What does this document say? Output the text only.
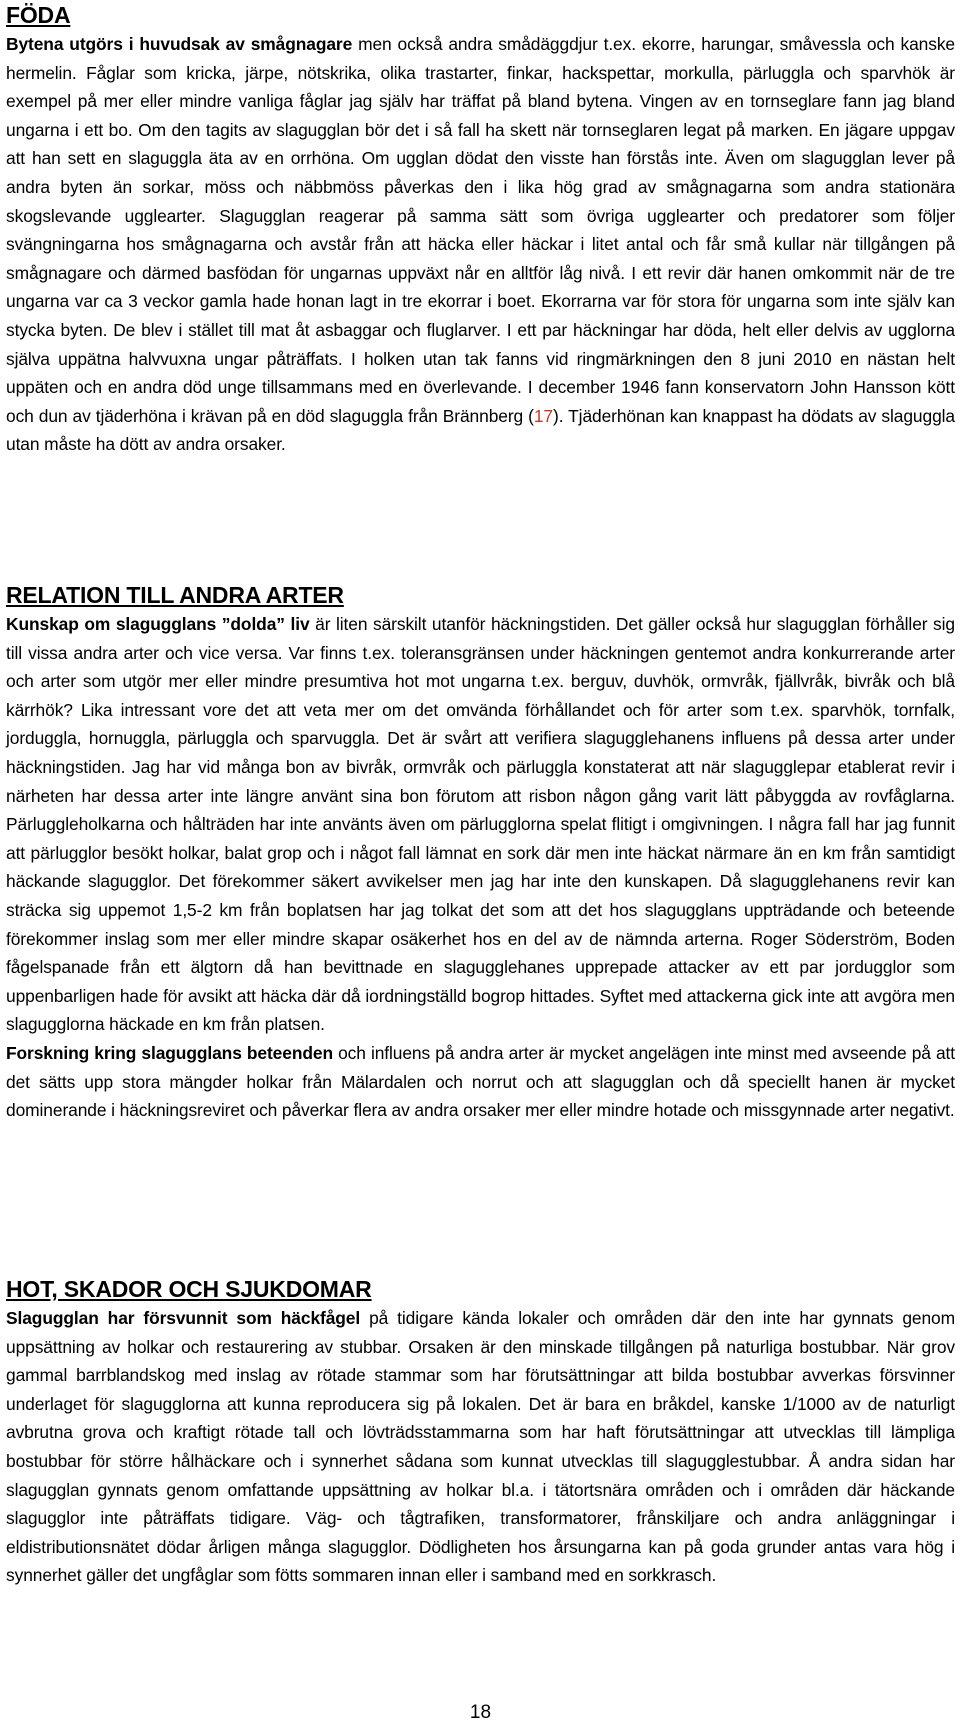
FÖDA

Bytena utgörs i huvudsak av smågnagare men också andra smådäggdjur t.ex. ekorre, harungar, småvessla och kanske hermelin. Fåglar som kricka, järpe, nötskrika, olika trastarter, finkar, hackspettar, morkulla, pärluggla och sparvhök är exempel på mer eller mindre vanliga fåglar jag själv har träffat på bland bytena. Vingen av en tornseglare fann jag bland ungarna i ett bo. Om den tagits av slagugglan bör det i så fall ha skett när tornseglaren legat på marken. En jägare uppgav att han sett en slaguggla äta av en orrhöna. Om ugglan dödat den visste han förstås inte. Även om slagugglan lever på andra byten än sorkar, möss och näbbmöss påverkas den i lika hög grad av smågnagarna som andra stationära skogslevande ugglearter. Slagugglan reagerar på samma sätt som övriga ugglearter och predatorer som följer svängningarna hos smågnagarna och avstår från att häcka eller häckar i litet antal och får små kullar när tillgången på smågnagare och därmed basfödan för ungarnas uppväxt når en alltför låg nivå. I ett revir där hanen omkommit när de tre ungarna var ca 3 veckor gamla hade honan lagt in tre ekorrar i boet. Ekorrarna var för stora för ungarna som inte själv kan stycka byten. De blev i stället till mat åt asbaggar och fluglarver. I ett par häckningar har döda, helt eller delvis av ugglorna själva uppätna halvvuxna ungar påträffats. I holken utan tak fanns vid ringmärkningen den 8 juni 2010 en nästan helt uppäten och en andra död unge tillsammans med en överlevande. I december 1946 fann konservatorn John Hansson kött och dun av tjäderhöna i krävan på en död slaguggla från Brännberg (17). Tjäderhönan kan knappast ha dödats av slaguggla utan måste ha dött av andra orsaker.

RELATION TILL ANDRA ARTER

Kunskap om slagugglans ”dolda” liv är liten särskilt utanför häckningstiden. Det gäller också hur slagugglan förhåller sig till vissa andra arter och vice versa. Var finns t.ex. toleransgränsen under häckningen gentemot andra konkurrerande arter och arter som utgör mer eller mindre presumtiva hot mot ungarna t.ex. berguv, duvhök, ormvråk, fjällvråk, bivråk och blå kärrhök? Lika intressant vore det att veta mer om det omvända förhållandet och för arter som t.ex. sparvhök, tornfalk, jorduggla, hornuggla, pärluggla och sparvuggla. Det är svårt att verifiera slagugglehanens influens på dessa arter under häckningstiden. Jag har vid många bon av bivråk, ormvråk och pärluggla konstaterat att när slagugglepar etablerat revir i närheten har dessa arter inte längre använt sina bon förutom att risbon någon gång varit lätt påbyggda av rovfåglarna. Pärluggleholkarna och hålträden har inte använts även om pärlugglorna spelat flitigt i omgivningen. I några fall har jag funnit att pärlugglor besökt holkar, balat grop och i något fall lämnat en sork där men inte häckat närmare än en km från samtidigt häckande slagugglor. Det förekommer säkert avvikelser men jag har inte den kunskapen. Då slagugglehanens revir kan sträcka sig uppemot 1,5-2 km från boplatsen har jag tolkat det som att det hos slagugglans uppträdande och beteende förekommer inslag som mer eller mindre skapar osäkerhet hos en del av de nämnda arterna. Roger Söderström, Boden fågelspanade från ett älgtorn då han bevittnade en slagugglehanes upprepade attacker av ett par jordugglor som uppenbarligen hade för avsikt att häcka där då iordningställd bogrop hittades. Syftet med attackerna gick inte att avgöra men slagugglorna häckade en km från platsen.

Forskning kring slagugglans beteenden och influens på andra arter är mycket angelägen inte minst med avseende på att det sätts upp stora mängder holkar från Mälardalen och norrut och att slagugglan och då speciellt hanen är mycket dominerande i häckningsreviret och påverkar flera av andra orsaker mer eller mindre hotade och missgynnade arter negativt.

HOT, SKADOR OCH SJUKDOMAR

Slagugglan har försvunnit som häckfågel på tidigare kända lokaler och områden där den inte har gynnats genom uppsättning av holkar och restaurering av stubbar. Orsaken är den minskade tillgången på naturliga bostubbar. När grov gammal barrblandskog med inslag av rötade stammar som har förutsättningar att bilda bostubbar avverkas försvinner underlaget för slagugglorna att kunna reproducera sig på lokalen. Det är bara en bråkdel, kanske 1/1000 av de naturligt avbrutna grova och kraftigt rötade tall och lövträdsstammarna som har haft förutsättningar att utvecklas till lämpliga bostubbar för större hålhäckare och i synnerhet sådana som kunnat utvecklas till slagugglestubbar. Å andra sidan har slagugglan gynnats genom omfattande uppsättning av holkar bl.a. i tätortsnära områden och i områden där häckande slagugglor inte påträffats tidigare. Väg- och tågtrafiken, transformatorer, frånskiljare och andra anläggningar i eldistributionsnätet dödar årligen många slagugglor. Dödligheten hos årsungarna kan på goda grunder antas vara hög i synnerhet gäller det ungfåglar som fötts sommaren innan eller i samband med en sorkkrasch.

18
